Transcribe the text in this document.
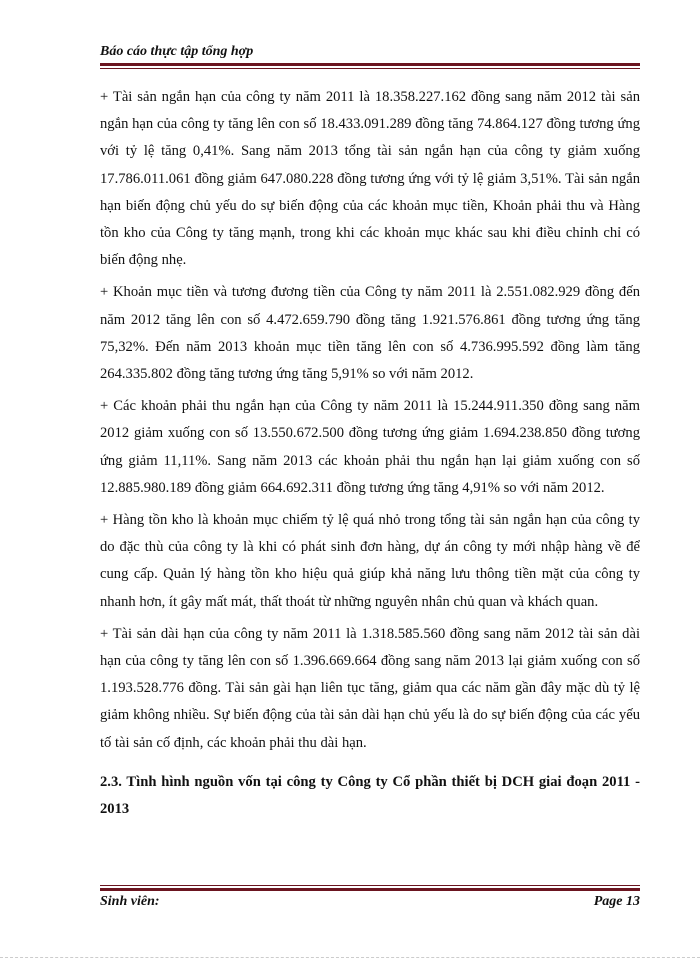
Báo cáo thực tập tổng hợp

+ Tài sản ngắn hạn của công ty năm 2011 là 18.358.227.162 đồng sang năm 2012 tài sản ngắn hạn của công ty tăng lên con số 18.433.091.289 đồng tăng 74.864.127 đồng tương ứng với tỷ lệ tăng 0,41%. Sang năm 2013 tổng tài sản ngắn hạn của công ty giảm xuống 17.786.011.061 đồng giảm 647.080.228 đồng tương ứng với tỷ lệ giảm 3,51%. Tài sản ngắn hạn biến động chủ yếu do sự biến động của các khoản mục tiền, Khoản phải thu và Hàng tồn kho của Công ty tăng mạnh, trong khi các khoản mục khác sau khi điều chỉnh chỉ có biến động nhẹ.

+ Khoản mục tiền và tương đương tiền của Công ty năm 2011 là 2.551.082.929 đồng đến năm 2012 tăng lên con số 4.472.659.790 đồng tăng 1.921.576.861 đồng tương ứng tăng 75,32%. Đến năm 2013 khoản mục tiền tăng lên con số 4.736.995.592 đồng làm tăng 264.335.802 đồng tăng tương ứng tăng 5,91% so với năm 2012.

+ Các khoản phải thu ngắn hạn của Công ty năm 2011 là 15.244.911.350 đồng sang năm 2012 giảm xuống con số 13.550.672.500 đồng tương ứng giảm 1.694.238.850 đồng tương ứng giảm 11,11%. Sang năm 2013 các khoản phải thu ngắn hạn lại giảm xuống con số 12.885.980.189 đồng giảm 664.692.311 đồng tương ứng tăng 4,91% so với năm 2012.

+ Hàng tồn kho là khoản mục chiếm tỷ lệ quá nhỏ trong tổng tài sản ngắn hạn của công ty do đặc thù của công ty là khi có phát sinh đơn hàng, dự án công ty mới nhập hàng về để cung cấp. Quản lý hàng tồn kho hiệu quả giúp khả năng lưu thông tiền mặt của công ty nhanh hơn, ít gây mất mát, thất thoát từ những nguyên nhân chủ quan và khách quan.

+ Tài sản dài hạn của công ty năm 2011 là 1.318.585.560 đồng sang năm 2012 tài sản dài hạn của công ty tăng lên con số 1.396.669.664 đồng sang năm 2013 lại giảm xuống con số 1.193.528.776 đồng. Tài sản gài hạn liên tục tăng, giảm qua các năm gần đây mặc dù tỷ lệ giảm không nhiều. Sự biến động của tài sản dài hạn chủ yếu là do sự biến động của các yếu tố tài sản cố định, các khoản phải thu dài hạn.

2.3. Tình hình nguồn vốn tại công ty Công ty Cổ phần thiết bị DCH giai đoạn 2011 - 2013

Sinh viên:	Page 13
